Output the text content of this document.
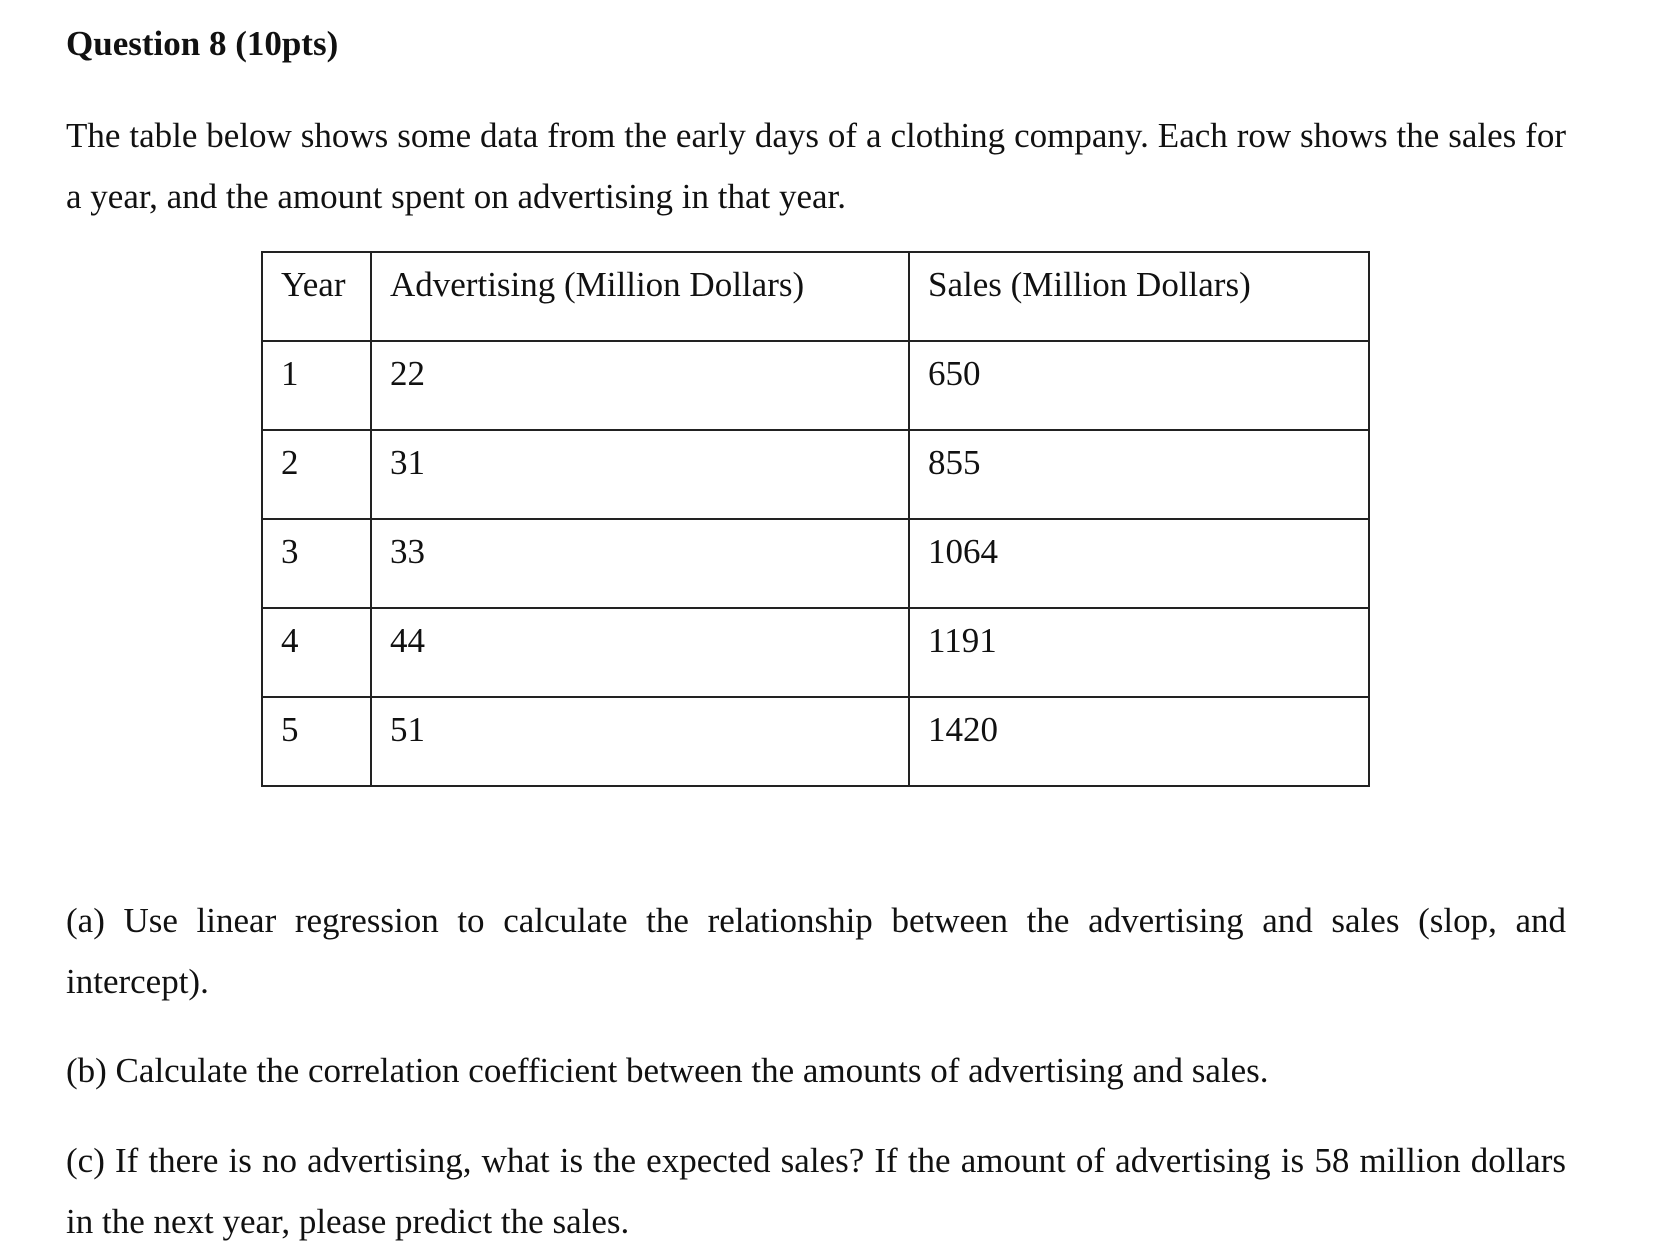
Question 8 (10pts)
The table below shows some data from the early days of a clothing company. Each row shows the sales for a year, and the amount spent on advertising in that year.
Year	Advertising (Million Dollars)	Sales (Million Dollars)
1	22	650
2	31	855
3	33	1064
4	44	1191
5	51	1420
(a) Use linear regression to calculate the relationship between the advertising and sales (slop, and intercept).
(b) Calculate the correlation coefficient between the amounts of advertising and sales.
(c) If there is no advertising, what is the expected sales? If the amount of advertising is 58 million dollars in the next year, please predict the sales.
